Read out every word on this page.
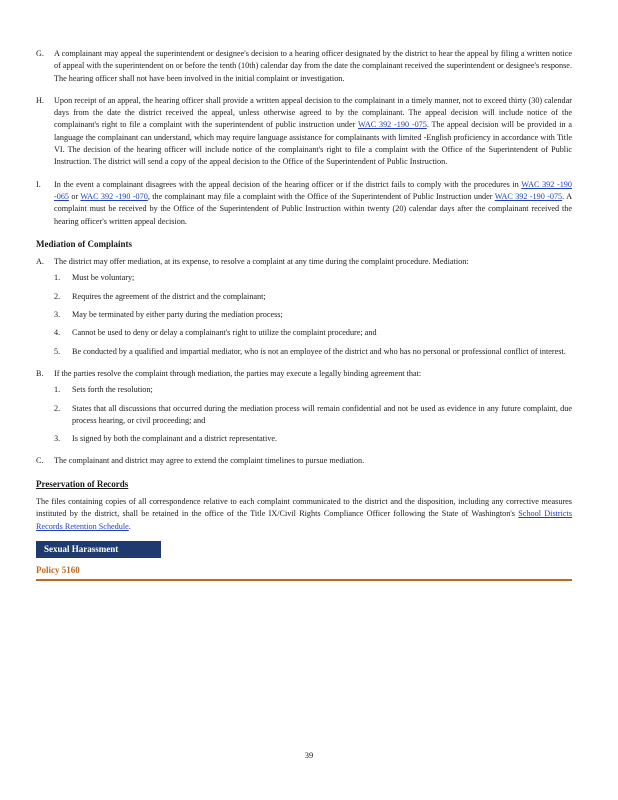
G. A complainant may appeal the superintendent or designee's decision to a hearing officer designated by the district to hear the appeal by filing a written notice of appeal with the superintendent on or before the tenth (10th) calendar day from the date the complainant received the superintendent or designee's response. The hearing officer shall not have been involved in the initial complaint or investigation.
H. Upon receipt of an appeal, the hearing officer shall provide a written appeal decision to the complainant in a timely manner, not to exceed thirty (30) calendar days from the date the district received the appeal, unless otherwise agreed to by the complainant. The appeal decision will include notice of the complainant's right to file a complaint with the superintendent of public instruction under WAC 392 -190 -075. The appeal decision will be provided in a language the complainant can understand, which may require language assistance for complainants with limited -English proficiency in accordance with Title VI. The decision of the hearing officer will include notice of the complainant's right to file a complaint with the Office of the Superintendent of Public Instruction. The district will send a copy of the appeal decision to the Office of the Superintendent of Public Instruction.
I. In the event a complainant disagrees with the appeal decision of the hearing officer or if the district fails to comply with the procedures in WAC 392 -190 -065 or WAC 392 -190 -070, the complainant may file a complaint with the Office of the Superintendent of Public Instruction under WAC 392 -190 -075. A complaint must be received by the Office of the Superintendent of Public Instruction within twenty (20) calendar days after the complainant received the hearing officer's written appeal decision.
Mediation of Complaints
A. The district may offer mediation, at its expense, to resolve a complaint at any time during the complaint procedure. Mediation:
1. Must be voluntary;
2. Requires the agreement of the district and the complainant;
3. May be terminated by either party during the mediation process;
4. Cannot be used to deny or delay a complainant's right to utilize the complaint procedure; and
5. Be conducted by a qualified and impartial mediator, who is not an employee of the district and who has no personal or professional conflict of interest.
B. If the parties resolve the complaint through mediation, the parties may execute a legally binding agreement that:
1. Sets forth the resolution;
2. States that all discussions that occurred during the mediation process will remain confidential and not be used as evidence in any future complaint, due process hearing, or civil proceeding; and
3. Is signed by both the complainant and a district representative.
C. The complainant and district may agree to extend the complaint timelines to pursue mediation.
Preservation of Records
The files containing copies of all correspondence relative to each complaint communicated to the district and the disposition, including any corrective measures instituted by the district, shall be retained in the office of the Title IX/Civil Rights Compliance Officer following the State of Washington's School Districts Records Retention Schedule.
Sexual Harassment
Policy 5160
39
